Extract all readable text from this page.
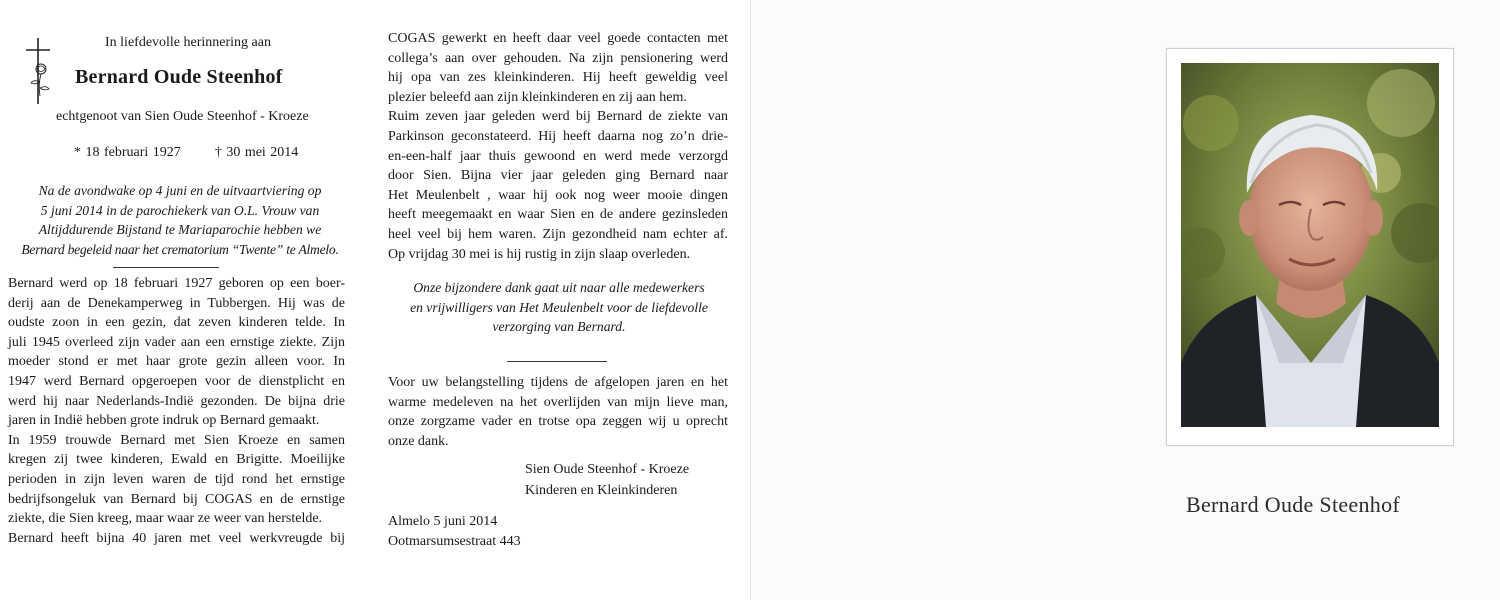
In liefdevolle herinnering aan
Bernard Oude Steenhof
echtgenoot van Sien Oude Steenhof - Kroeze
* 18 februari 1927 † 30 mei 2014
Na de avondwake op 4 juni en de uitvaartviering op
5 juni 2014 in de parochiekerk van O.L. Vrouw van
Altijddurende Bijstand te Mariaparochie hebben we
Bernard begeleid naar het crematorium “Twente” te Almelo.
Bernard werd op 18 februari 1927 geboren op een boer-
derij aan de Denekamperweg in Tubbergen. Hij was de
oudste zoon in een gezin, dat zeven kinderen telde. In
juli 1945 overleed zijn vader aan een ernstige ziekte. Zijn
moeder stond er met haar grote gezin alleen voor. In
1947 werd Bernard opgeroepen voor de dienstplicht en
werd hij naar Nederlands-Indië gezonden. De bijna drie
jaren in Indië hebben grote indruk op Bernard gemaakt.
In 1959 trouwde Bernard met Sien Kroeze en samen
kregen zij twee kinderen, Ewald en Brigitte. Moeilijke
perioden in zijn leven waren de tijd rond het ernstige
bedrijfsongeluk van Bernard bij COGAS en de ernstige
ziekte, die Sien kreeg, maar waar ze weer van herstelde.
Bernard heeft bijna 40 jaren met veel werkvreugde bij
COGAS gewerkt en heeft daar veel goede contacten met
collega’s aan over gehouden. Na zijn pensionering werd
hij opa van zes kleinkinderen. Hij heeft geweldig veel
plezier beleefd aan zijn kleinkinderen en zij aan hem.
Ruim zeven jaar geleden werd bij Bernard de ziekte van
Parkinson geconstateerd. Hij heeft daarna nog zo’n drie-
en-een-half jaar thuis gewoond en werd mede verzorgd
door Sien. Bijna vier jaar geleden ging Bernard naar
Het Meulenbelt , waar hij ook nog weer mooie dingen
heeft meegemaakt en waar Sien en de andere gezinsleden
heel veel bij hem waren. Zijn gezondheid nam echter af.
Op vrijdag 30 mei is hij rustig in zijn slaap overleden.
Onze bijzondere dank gaat uit naar alle medewerkers
en vrijwilligers van Het Meulenbelt voor de liefdevolle
verzorging van Bernard.
Voor uw belangstelling tijdens de afgelopen jaren en het
warme medeleven na het overlijden van mijn lieve man,
onze zorgzame vader en trotse opa zeggen wij u oprecht
onze dank.
Sien Oude Steenhof - Kroeze
Kinderen en Kleinkinderen
Almelo 5 juni 2014
Ootmarsumsestraat 443
Bernard Oude Steenhof
